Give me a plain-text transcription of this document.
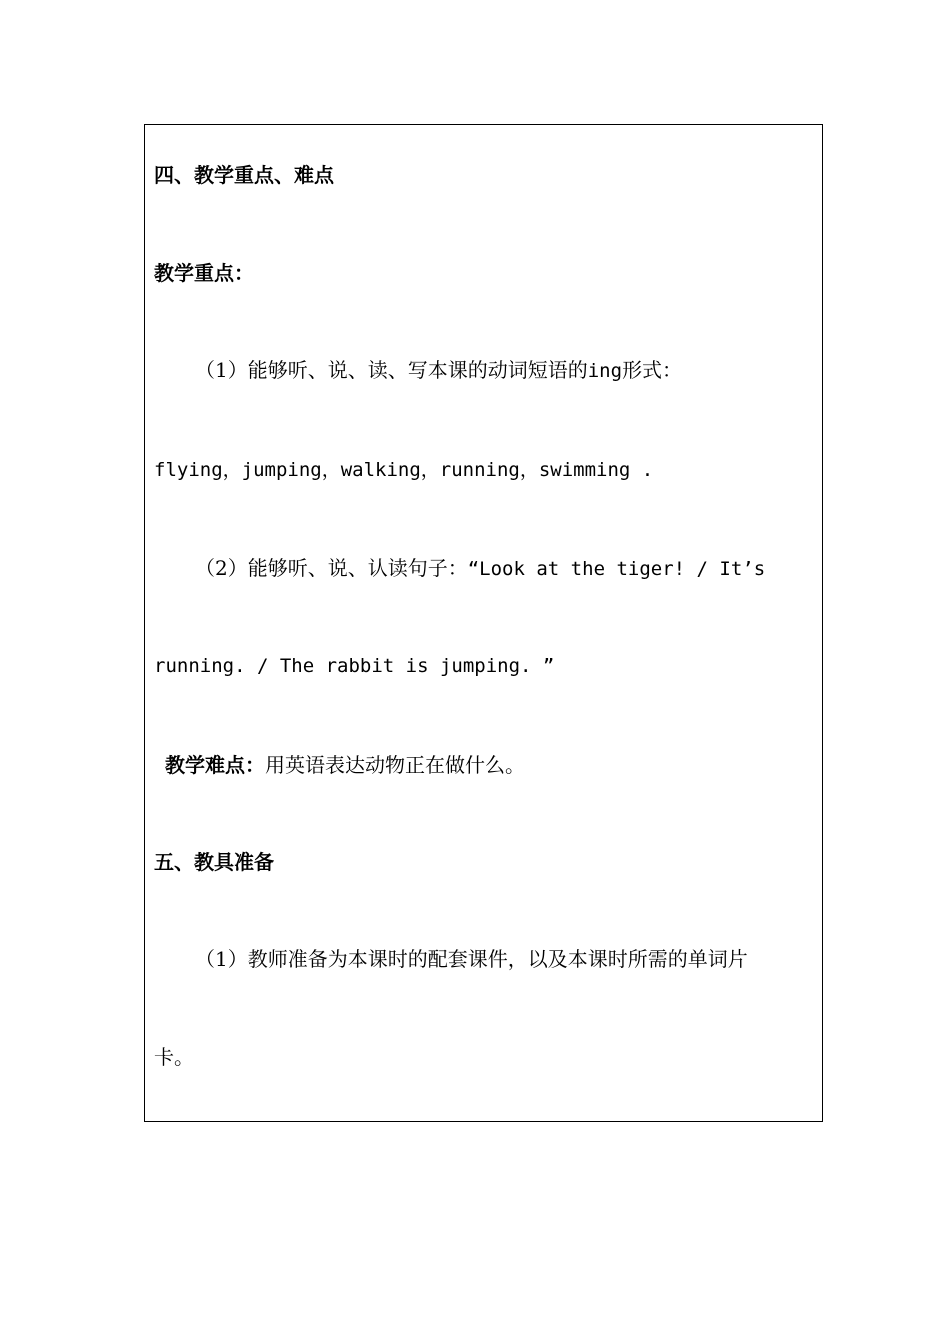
四、教学重点、难点
教学重点：
（1）能够听、说、读、写本课的动词短语的ing形式：
flying，jumping，walking，running，swimming .
（2）能够听、说、认读句子：“Look at the tiger! / It’s
running. / The rabbit is jumping. ”
教学难点：用英语表达动物正在做什么。
五、教具准备
（1）教师准备为本课时的配套课件，以及本课时所需的单词片
卡。
